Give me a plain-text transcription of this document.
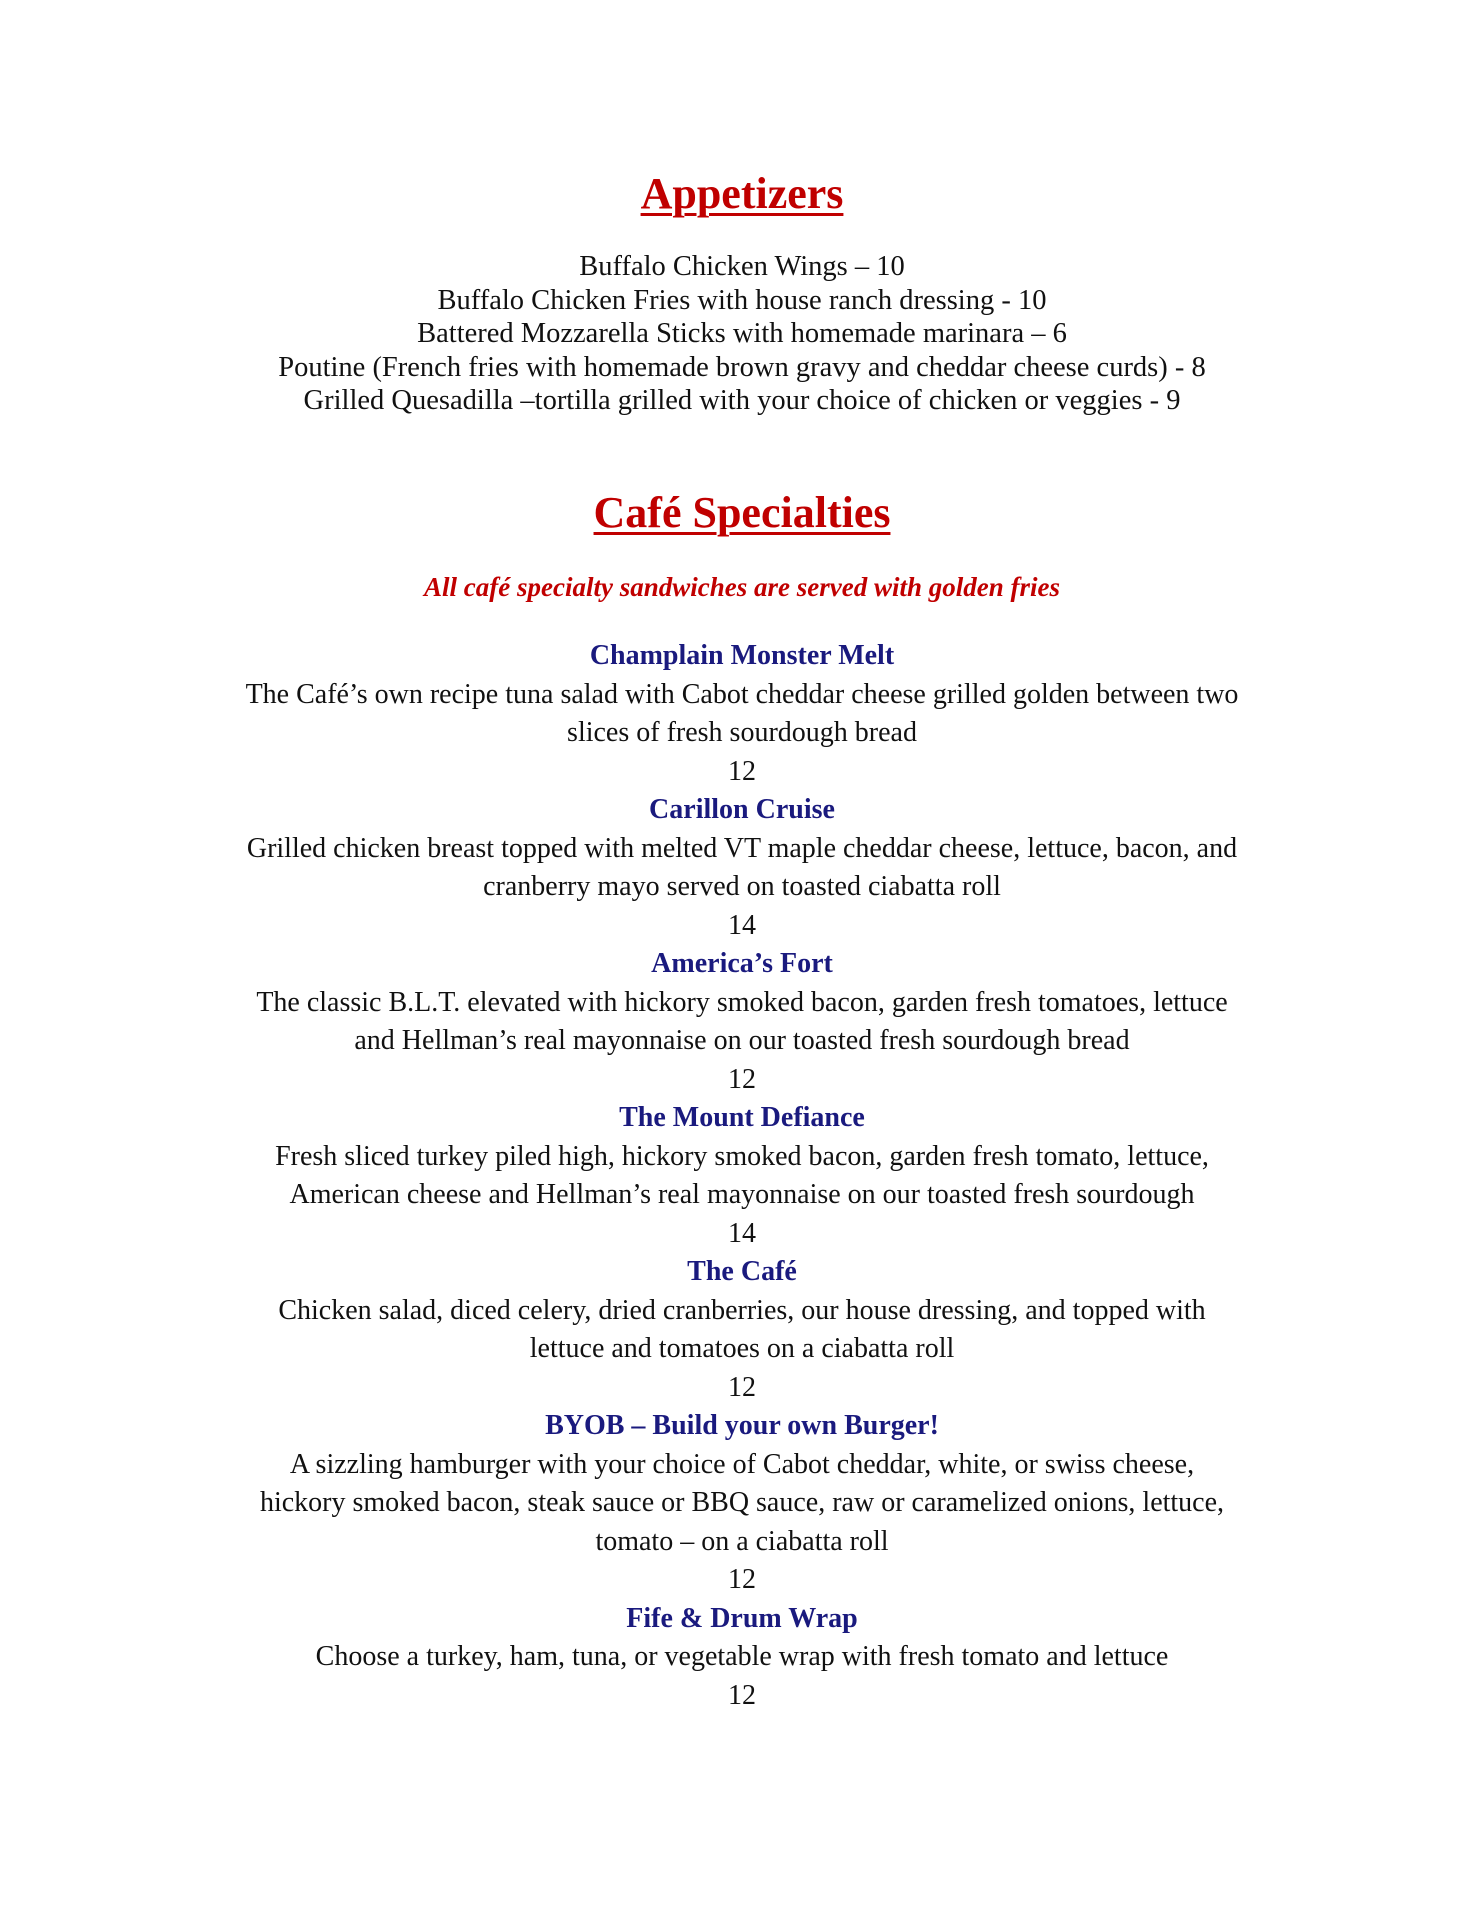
Appetizers
Buffalo Chicken Wings – 10
Buffalo Chicken Fries with house ranch dressing - 10
Battered Mozzarella Sticks with homemade marinara – 6
Poutine (French fries with homemade brown gravy and cheddar cheese curds) - 8
Grilled Quesadilla –tortilla grilled with your choice of chicken or veggies - 9
Café Specialties
All café specialty sandwiches are served with golden fries
Champlain Monster Melt
The Café’s own recipe tuna salad with Cabot cheddar cheese grilled golden between two
slices of fresh sourdough bread
12
Carillon Cruise
Grilled chicken breast topped with melted VT maple cheddar cheese, lettuce, bacon, and
cranberry mayo served on toasted ciabatta roll
14
America’s Fort
The classic B.L.T. elevated with hickory smoked bacon, garden fresh tomatoes, lettuce
and Hellman’s real mayonnaise on our toasted fresh sourdough bread
12
The Mount Defiance
Fresh sliced turkey piled high, hickory smoked bacon, garden fresh tomato, lettuce,
American cheese and Hellman’s real mayonnaise on our toasted fresh sourdough
14
The Café
Chicken salad, diced celery, dried cranberries, our house dressing, and topped with
lettuce and tomatoes on a ciabatta roll
12
BYOB – Build your own Burger!
A sizzling hamburger with your choice of Cabot cheddar, white, or swiss cheese,
hickory smoked bacon, steak sauce or BBQ sauce, raw or caramelized onions, lettuce,
tomato – on a ciabatta roll
12
Fife & Drum Wrap
Choose a turkey, ham, tuna, or vegetable wrap with fresh tomato and lettuce
12
